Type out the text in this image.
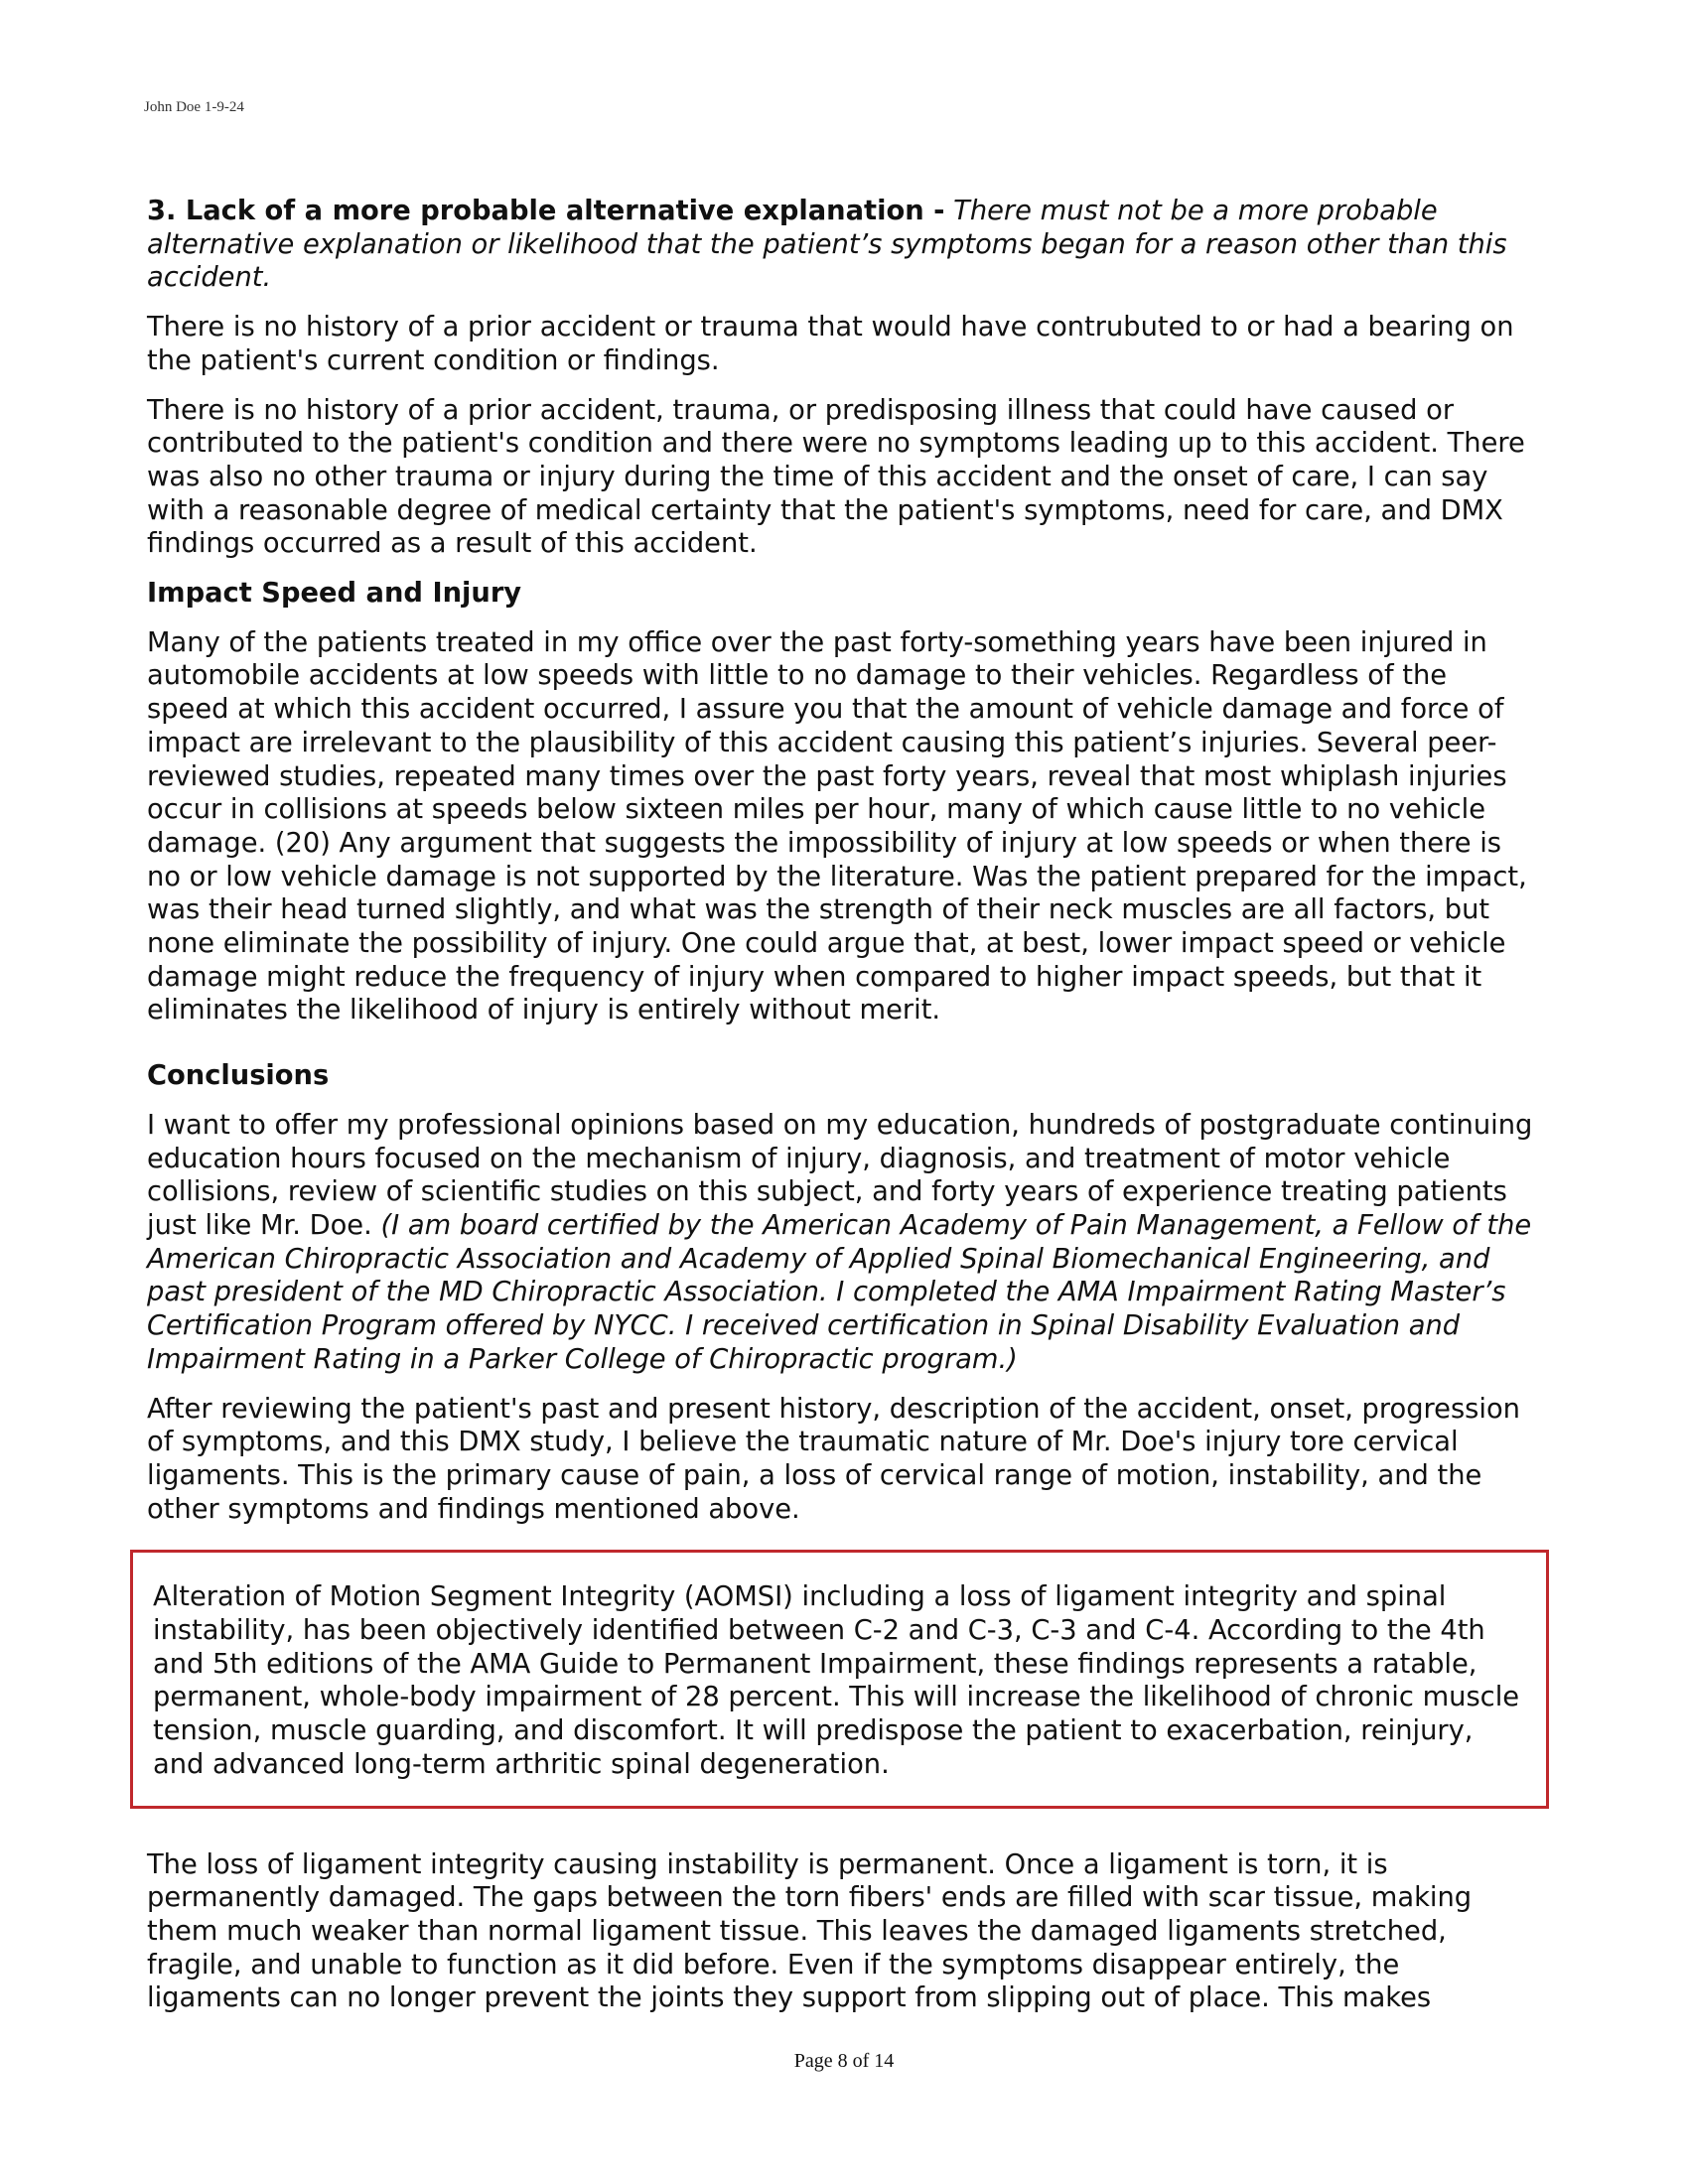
John Doe 1-9-24

3. Lack of a more probable alternative explanation - There must not be a more probable alternative explanation or likelihood that the patient’s symptoms began for a reason other than this accident.

There is no history of a prior accident or trauma that would have contrubuted to or had a bearing on the patient's current condition or findings.

There is no history of a prior accident, trauma, or predisposing illness that could have caused or contributed to the patient's condition and there were no symptoms leading up to this accident. There was also no other trauma or injury during the time of this accident and the onset of care, I can say with a reasonable degree of medical certainty that the patient's symptoms, need for care, and DMX findings occurred as a result of this accident.

Impact Speed and Injury

Many of the patients treated in my office over the past forty-something years have been injured in automobile accidents at low speeds with little to no damage to their vehicles. Regardless of the speed at which this accident occurred, I assure you that the amount of vehicle damage and force of impact are irrelevant to the plausibility of this accident causing this patient’s injuries. Several peer-reviewed studies, repeated many times over the past forty years, reveal that most whiplash injuries occur in collisions at speeds below sixteen miles per hour, many of which cause little to no vehicle damage. (20) Any argument that suggests the impossibility of injury at low speeds or when there is no or low vehicle damage is not supported by the literature. Was the patient prepared for the impact, was their head turned slightly, and what was the strength of their neck muscles are all factors, but none eliminate the possibility of injury. One could argue that, at best, lower impact speed or vehicle damage might reduce the frequency of injury when compared to higher impact speeds, but that it eliminates the likelihood of injury is entirely without merit.

Conclusions

I want to offer my professional opinions based on my education, hundreds of postgraduate continuing education hours focused on the mechanism of injury, diagnosis, and treatment of motor vehicle collisions, review of scientific studies on this subject, and forty years of experience treating patients just like Mr. Doe. (I am board certified by the American Academy of Pain Management, a Fellow of the American Chiropractic Association and Academy of Applied Spinal Biomechanical Engineering, and past president of the MD Chiropractic Association. I completed the AMA Impairment Rating Master’s Certification Program offered by NYCC. I received certification in Spinal Disability Evaluation and Impairment Rating in a Parker College of Chiropractic program.)

After reviewing the patient's past and present history, description of the accident, onset, progression of symptoms, and this DMX study, I believe the traumatic nature of Mr. Doe's injury tore cervical ligaments. This is the primary cause of pain, a loss of cervical range of motion, instability, and the other symptoms and findings mentioned above.

Alteration of Motion Segment Integrity (AOMSI) including a loss of ligament integrity and spinal instability, has been objectively identified between C-2 and C-3, C-3 and C-4. According to the 4th and 5th editions of the AMA Guide to Permanent Impairment, these findings represents a ratable, permanent, whole-body impairment of 28 percent. This will increase the likelihood of chronic muscle tension, muscle guarding, and discomfort. It will predispose the patient to exacerbation, reinjury, and advanced long-term arthritic spinal degeneration.

The loss of ligament integrity causing instability is permanent. Once a ligament is torn, it is permanently damaged. The gaps between the torn fibers' ends are filled with scar tissue, making them much weaker than normal ligament tissue. This leaves the damaged ligaments stretched, fragile, and unable to function as it did before. Even if the symptoms disappear entirely, the ligaments can no longer prevent the joints they support from slipping out of place. This makes

Page 8 of 14
